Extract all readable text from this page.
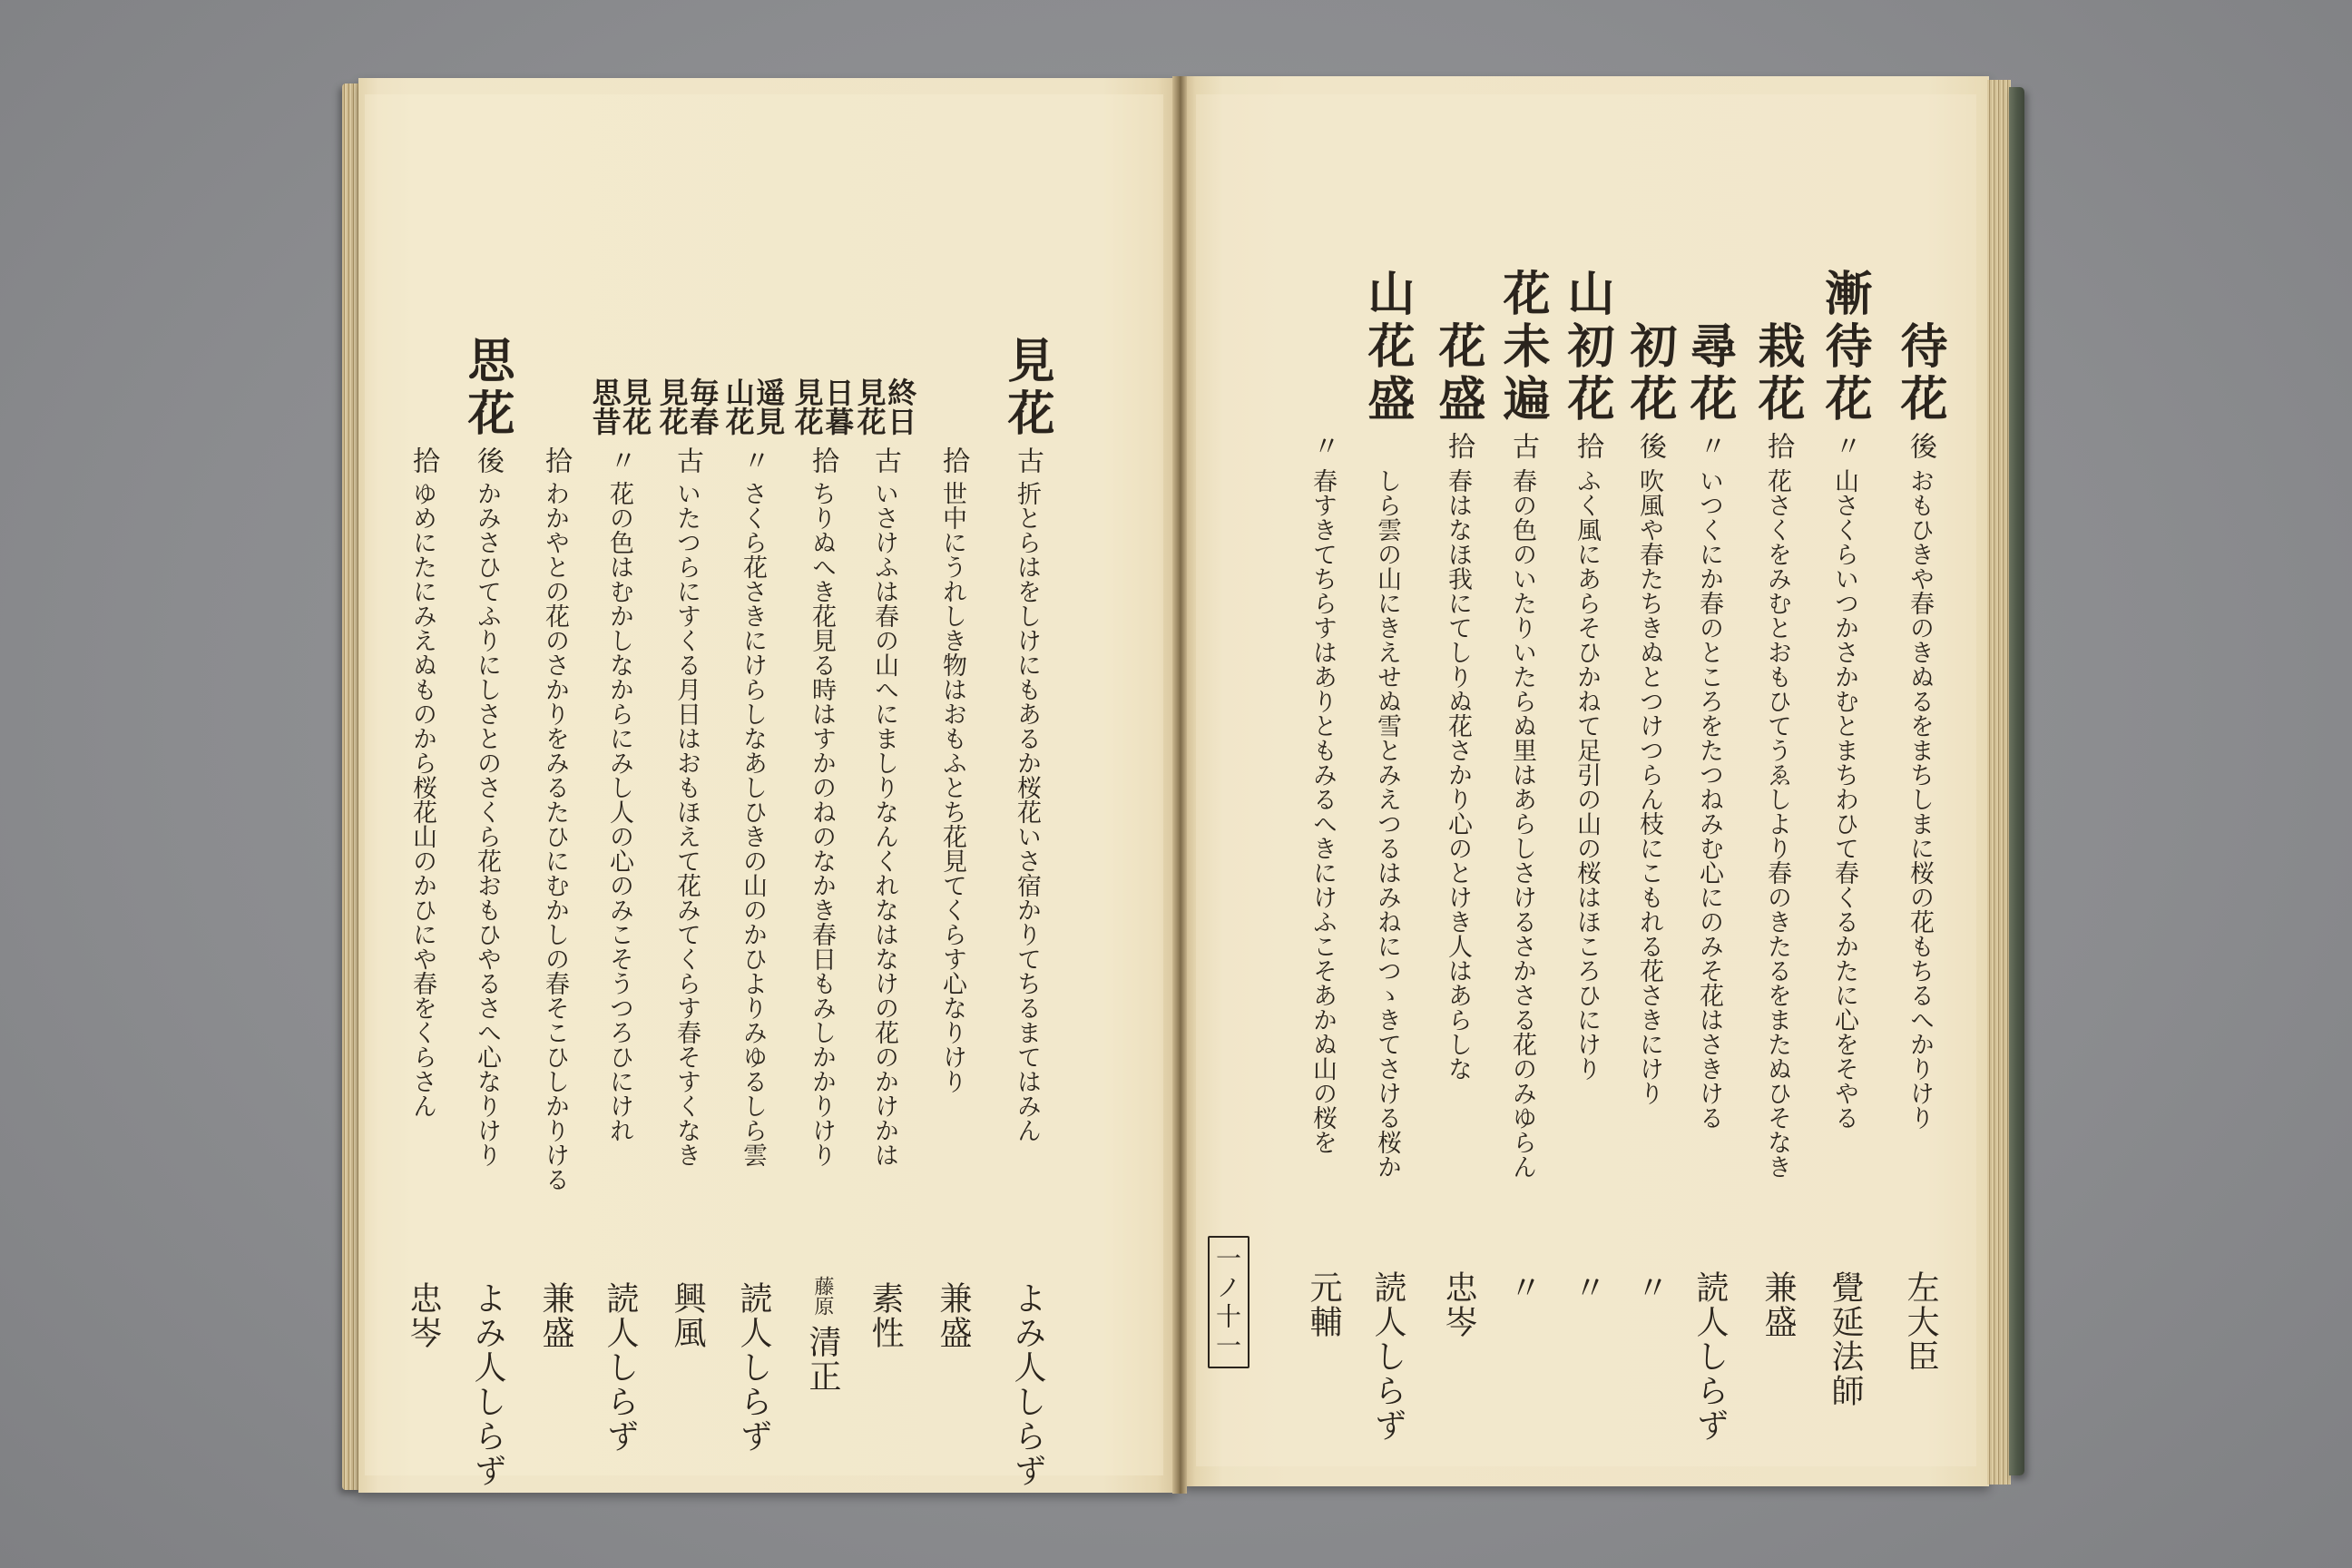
待花
後
おもひきや春のきぬるをまちしまに桜の花もちるへかりけり
左大臣
漸待花
〃
山さくらいつかさかむとまちわひて春くるかたに心をそやる
覺延法師
栽花
拾
花さくをみむとおもひてうゑしより春のきたるをまたぬひそなき
兼盛
尋花
〃
いつくにか春のところをたつねみむ心にのみそ花はさきける
読人しらず
初花
後
吹風や春たちきぬとつけつらん枝にこもれる花さきにけり
〃
山初花
拾
ふく風にあらそひかねて足引の山の桜はほころひにけり
〃
花未遍
古
春の色のいたりいたらぬ里はあらしさけるさかさる花のみゆらん
〃
花盛
拾
春はなほ我にてしりぬ花さかり心のとけき人はあらしな
忠岑
山花盛
しら雲の山にきえせぬ雪とみえつるはみねにつゝきてさける桜か
読人しらず
〃
春すきてちらすはありともみるへきにけふこそあかぬ山の桜を
元輔
見花
古
折とらはをしけにもあるか桜花いさ宿かりてちるまてはみん
よみ人しらず
拾
世中にうれしき物はおもふとち花見てくらす心なりけり
兼盛
終日見花
古
いさけふは春の山へにましりなんくれなはなけの花のかけかは
素性
日暮見花
拾
ちりぬへき花見る時はすかのねのなかき春日もみしかかりけり
藤原
清正
遥見山花
〃
さくら花さきにけらしなあしひきの山のかひよりみゆるしら雲
読人しらず
毎春見花
古
いたつらにすくる月日はおもほえて花みてくらす春そすくなき
興風
見花思昔
〃
花の色はむかしなからにみし人の心のみこそうつろひにけれ
読人しらず
拾
わかやとの花のさかりをみるたひにむかしの春そこひしかりける
兼盛
思花
後
かみさひてふりにしさとのさくら花おもひやるさへ心なりけり
よみ人しらず
拾
ゆめにたにみえぬものから桜花山のかひにや春をくらさん
忠岑	一ノ十一
